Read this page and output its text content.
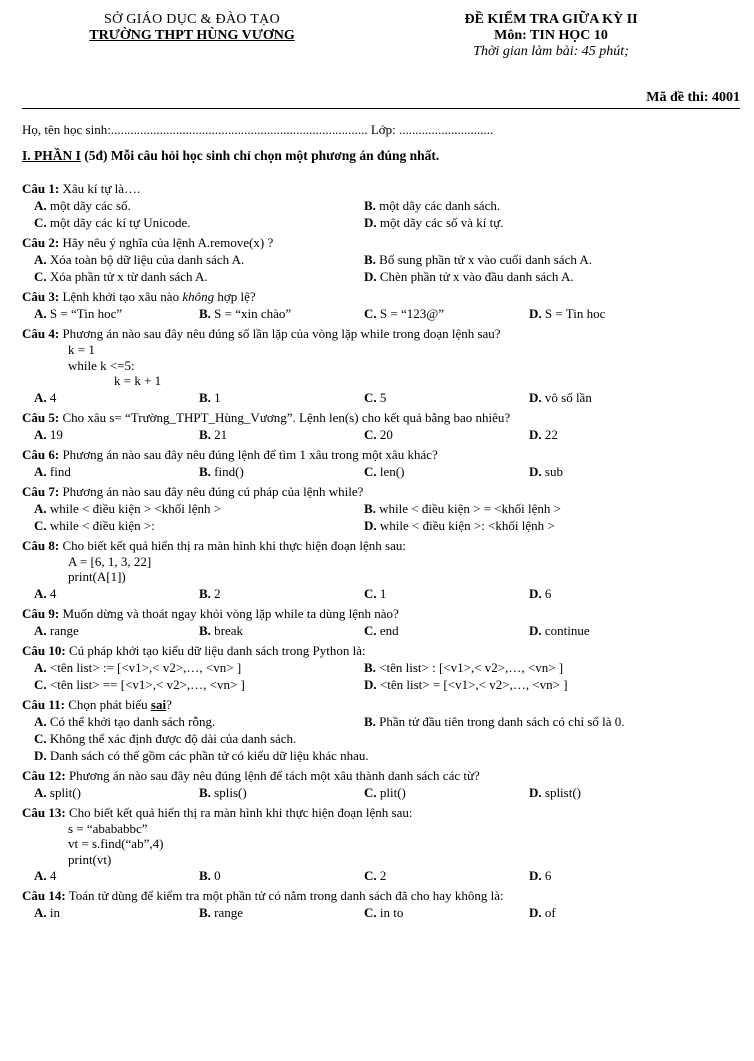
SỞ GIÁO DỤC & ĐÀO TẠO
TRƯỜNG THPT HÙNG VƯƠNG
ĐỀ KIỂM TRA GIỮA KỲ II
Môn: TIN HỌC 10
Thời gian làm bài: 45 phút;
Mã đề thi: 4001
Họ, tên học sinh:............................................................................... Lớp: .............................
I. PHẦN I (5đ) Mỗi câu hỏi học sinh chỉ chọn một phương án đúng nhất.
Câu 1: Xâu kí tự là….
A. một dãy các số.	B. một dãy các danh sách.
C. một dãy các kí tự Unicode.	D. một dãy các số và kí tự.
Câu 2: Hãy nêu ý nghĩa của lệnh A.remove(x) ?
A. Xóa toàn bộ dữ liệu của danh sách A.	B. Bổ sung phần tử x vào cuối danh sách A.
C. Xóa phần tử x từ danh sách A.	D. Chèn phần tử x vào đầu danh sách A.
Câu 3: Lệnh khởi tạo xâu nào không hợp lệ?
A. S = “Tin hoc”	B. S = “xin chào”	C. S = “123@”	D. S = Tin hoc
Câu 4: Phương án nào sau đây nêu đúng số lần lặp của vòng lặp while trong đoạn lệnh sau?
k = 1
while k <=5:
k = k + 1
A. 4	B. 1	C. 5	D. vô số lần
Câu 5: Cho xâu s= “Trường_THPT_Hùng_Vương”. Lệnh len(s) cho kết quả bằng bao nhiêu?
A. 19	B. 21	C. 20	D. 22
Câu 6: Phương án nào sau đây nêu đúng lệnh để tìm 1 xâu trong một xâu khác?
A. find	B. find()	C. len()	D. sub
Câu 7: Phương án nào sau đây nêu đúng cú pháp của lệnh while?
A. while < điều kiện > <khối lệnh >	B. while < điều kiện > = <khối lệnh >
C. while < điều kiện >:	D. while < điều kiện >: <khối lệnh >
Câu 8: Cho biết kết quả hiển thị ra màn hình khi thực hiện đoạn lệnh sau:
A = [6, 1, 3, 22]
print(A[1])
A. 4	B. 2	C. 1	D. 6
Câu 9: Muốn dừng và thoát ngay khỏi vòng lặp while ta dùng lệnh nào?
A. range	B. break	C. end	D. continue
Câu 10: Cú pháp khởi tạo kiểu dữ liệu danh sách trong Python là:
A. <tên list> := [<v1>,< v2>,…, <vn> ]	B. <tên list> : [<v1>,< v2>,…, <vn> ]
C. <tên list> == [<v1>,< v2>,…, <vn> ]	D. <tên list> = [<v1>,< v2>,…, <vn> ]
Câu 11: Chọn phát biểu sai?
A. Có thể khởi tạo danh sách rỗng.	B. Phần tử đầu tiên trong danh sách có chỉ số là 0.
C. Không thể xác định được độ dài của danh sách.
D. Danh sách có thể gồm các phần tử có kiểu dữ liệu khác nhau.
Câu 12: Phương án nào sau đây nêu đúng lệnh để tách một xâu thành danh sách các từ?
A. split()	B. splis()	C. plit()	D. splist()
Câu 13: Cho biết kết quả hiển thị ra màn hình khi thực hiện đoạn lệnh sau:
s = “abababbc”
vt = s.find(“ab”,4)
print(vt)
A. 4	B. 0	C. 2	D. 6
Câu 14: Toán tử dùng để kiểm tra một phần tử có nằm trong danh sách đã cho hay không là:
A. in	B. range	C. in to	D. of
